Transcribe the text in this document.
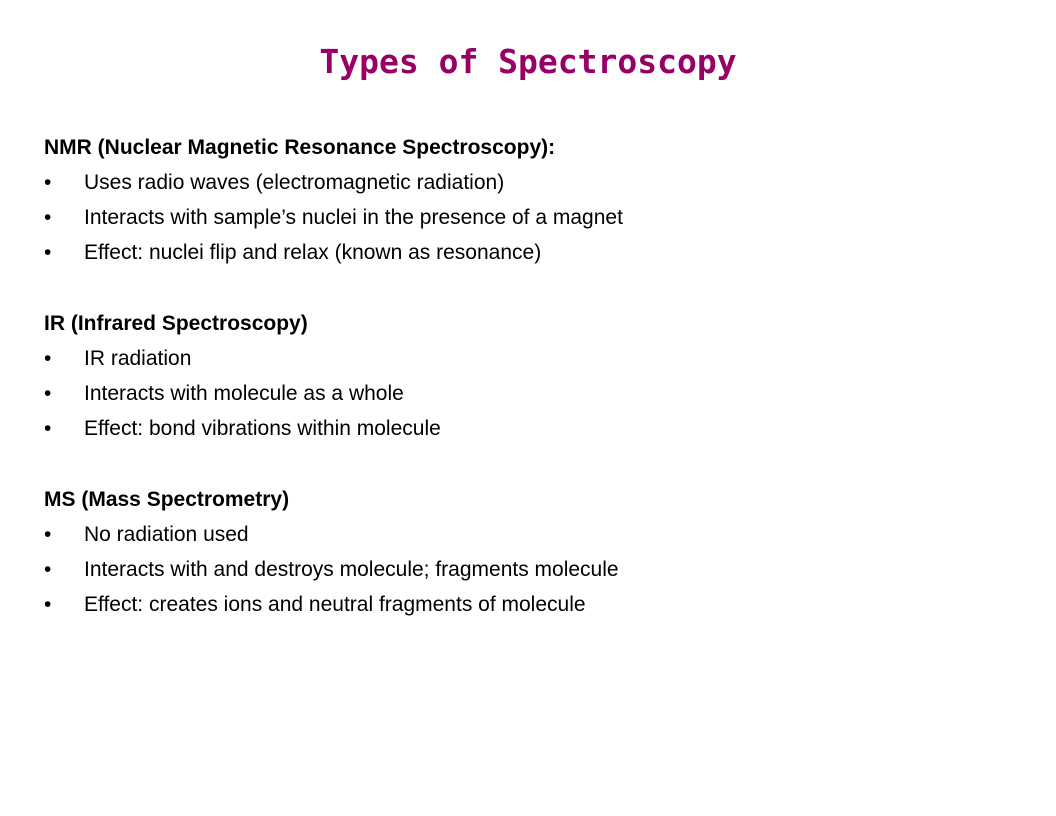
Types of Spectroscopy
NMR (Nuclear Magnetic Resonance Spectroscopy):
•	Uses radio waves (electromagnetic radiation)
•	Interacts with sample’s nuclei in the presence of a magnet
•	Effect: nuclei flip and relax (known as resonance)
IR (Infrared Spectroscopy)
•	IR radiation
•	Interacts with molecule as a whole
•	Effect: bond vibrations within molecule
MS (Mass Spectrometry)
•	No radiation used
•	Interacts with and destroys molecule; fragments molecule
•	Effect: creates ions and neutral fragments of molecule
